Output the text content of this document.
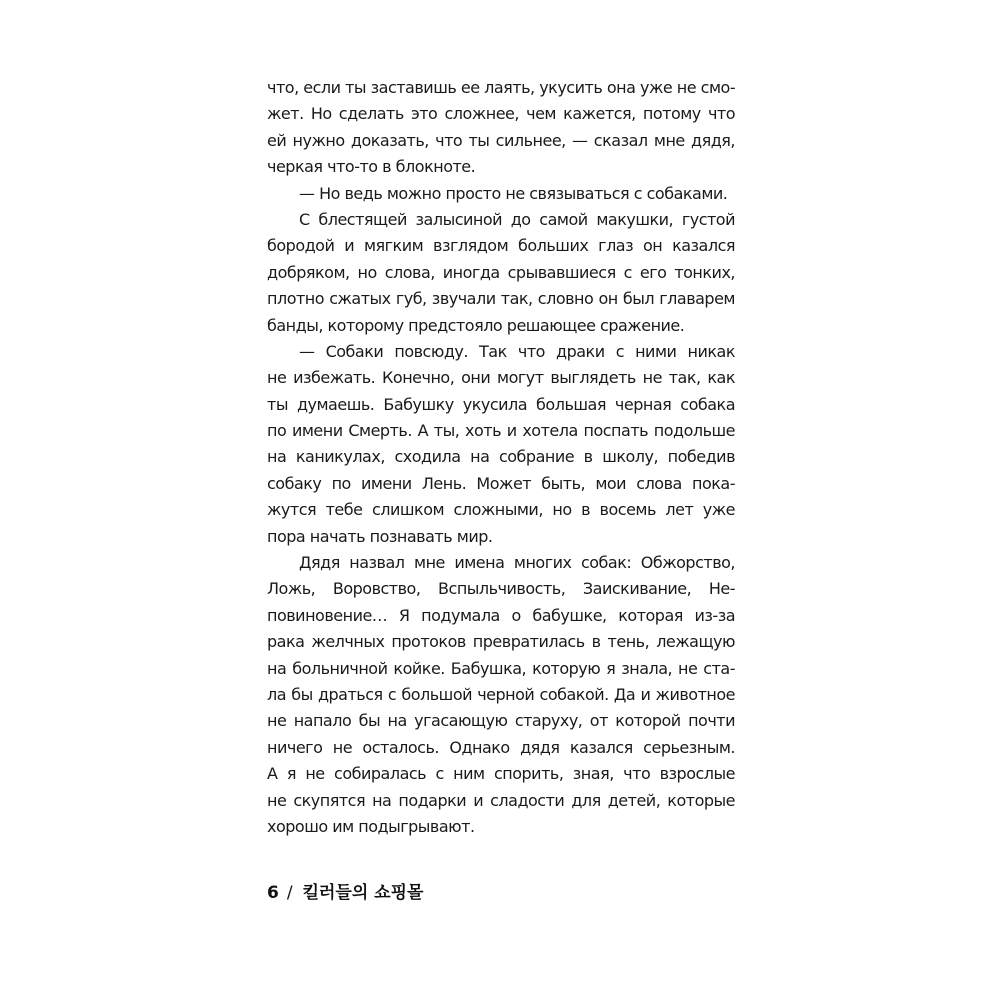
что, если ты заставишь ее лаять, укусить она уже не смо-
жет. Но сделать это сложнее, чем кажется, потому что
ей нужно доказать, что ты сильнее, — сказал мне дядя,
черкая что-то в блокноте.
— Но ведь можно просто не связываться с собаками.
С блестящей залысиной до самой макушки, густой
бородой и мягким взглядом больших глаз он казался
добряком, но слова, иногда срывавшиеся с его тонких,
плотно сжатых губ, звучали так, словно он был главарем
банды, которому предстояло решающее сражение.
— Собаки повсюду. Так что драки с ними никак
не избежать. Конечно, они могут выглядеть не так, как
ты думаешь. Бабушку укусила большая черная собака
по имени Смерть. А ты, хоть и хотела поспать подольше
на каникулах, сходила на собрание в школу, победив
собаку по имени Лень. Может быть, мои слова пока-
жутся тебе слишком сложными, но в восемь лет уже
пора начать познавать мир.
Дядя назвал мне имена многих собак: Обжорство,
Ложь, Воровство, Вспыльчивость, Заискивание, Не-
повиновение… Я подумала о бабушке, которая из-за
рака желчных протоков превратилась в тень, лежащую
на больничной койке. Бабушка, которую я знала, не ста-
ла бы драться с большой черной собакой. Да и животное
не напало бы на угасающую старуху, от которой почти
ничего не осталось. Однако дядя казался серьезным.
А я не собиралась с ним спорить, зная, что взрослые
не скупятся на подарки и сладости для детей, которые
хорошо им подыгрывают.
6 / 킬러들의 쇼핑몰
